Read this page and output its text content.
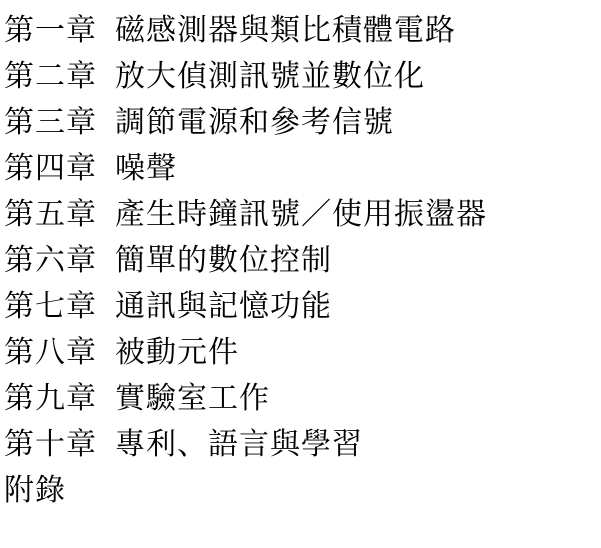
第一章 磁感測器與類比積體電路
第二章 放大偵測訊號並數位化
第三章 調節電源和參考信號
第四章 噪聲
第五章 產生時鐘訊號／使用振盪器
第六章 簡單的數位控制
第七章 通訊與記憶功能
第八章 被動元件
第九章 實驗室工作
第十章 專利、語言與學習
附錄
